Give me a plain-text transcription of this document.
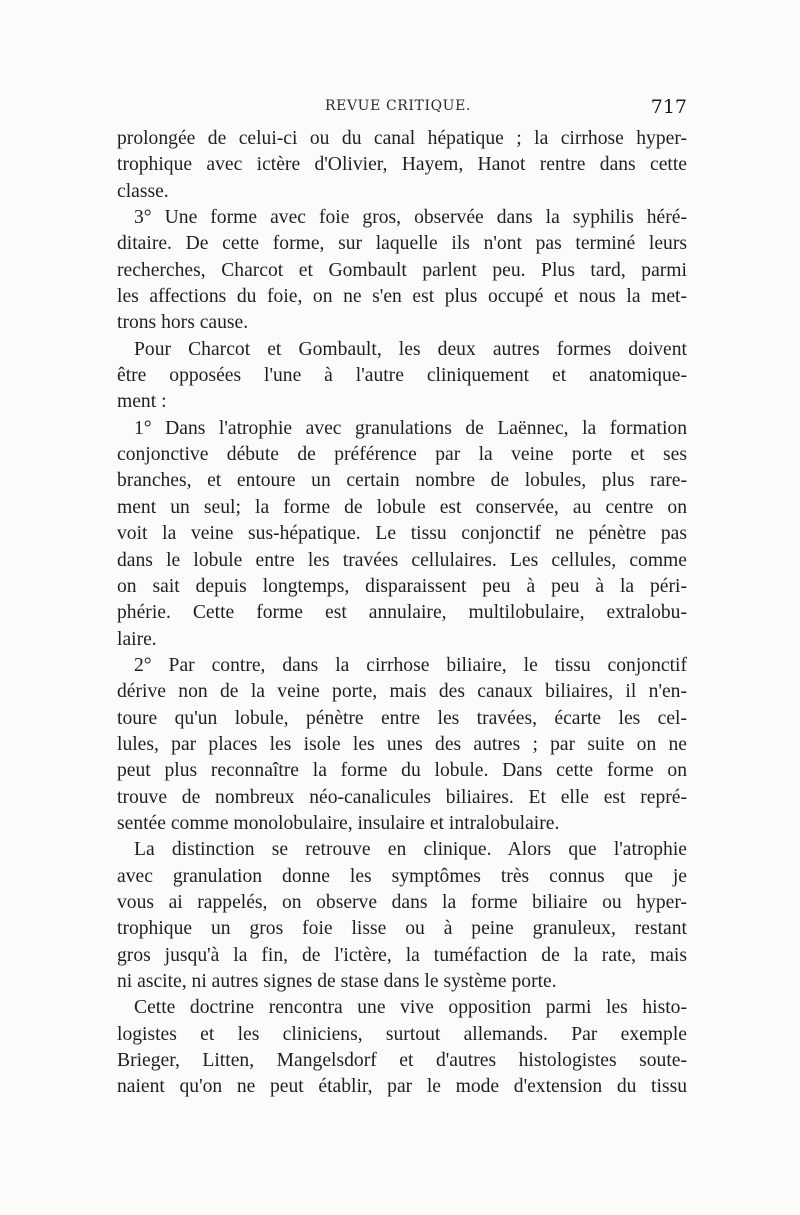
REVUE CRITIQUE.	717
prolongée de celui-ci ou du canal hépatique ; la cirrhose hyper-
trophique avec ictère d'Olivier, Hayem, Hanot rentre dans cette
classe.
3° Une forme avec foie gros, observée dans la syphilis héré-
ditaire. De cette forme, sur laquelle ils n'ont pas terminé leurs
recherches, Charcot et Gombault parlent peu. Plus tard, parmi
les affections du foie, on ne s'en est plus occupé et nous la met-
trons hors cause.
Pour Charcot et Gombault, les deux autres formes doivent
être opposées l'une à l'autre cliniquement et anatomique-
ment :
1° Dans l'atrophie avec granulations de Laënnec, la formation
conjonctive débute de préférence par la veine porte et ses
branches, et entoure un certain nombre de lobules, plus rare-
ment un seul; la forme de lobule est conservée, au centre on
voit la veine sus-hépatique. Le tissu conjonctif ne pénètre pas
dans le lobule entre les travées cellulaires. Les cellules, comme
on sait depuis longtemps, disparaissent peu à peu à la péri-
phérie. Cette forme est annulaire, multilobulaire, extralobu-
laire.
2° Par contre, dans la cirrhose biliaire, le tissu conjonctif
dérive non de la veine porte, mais des canaux biliaires, il n'en-
toure qu'un lobule, pénètre entre les travées, écarte les cel-
lules, par places les isole les unes des autres ; par suite on ne
peut plus reconnaître la forme du lobule. Dans cette forme on
trouve de nombreux néo-canalicules biliaires. Et elle est repré-
sentée comme monolobulaire, insulaire et intralobulaire.
La distinction se retrouve en clinique. Alors que l'atrophie
avec granulation donne les symptômes très connus que je
vous ai rappelés, on observe dans la forme biliaire ou hyper-
trophique un gros foie lisse ou à peine granuleux, restant
gros jusqu'à la fin, de l'ictère, la tuméfaction de la rate, mais
ni ascite, ni autres signes de stase dans le système porte.
Cette doctrine rencontra une vive opposition parmi les histo-
logistes et les cliniciens, surtout allemands. Par exemple
Brieger, Litten, Mangelsdorf et d'autres histologistes soute-
naient qu'on ne peut établir, par le mode d'extension du tissu
